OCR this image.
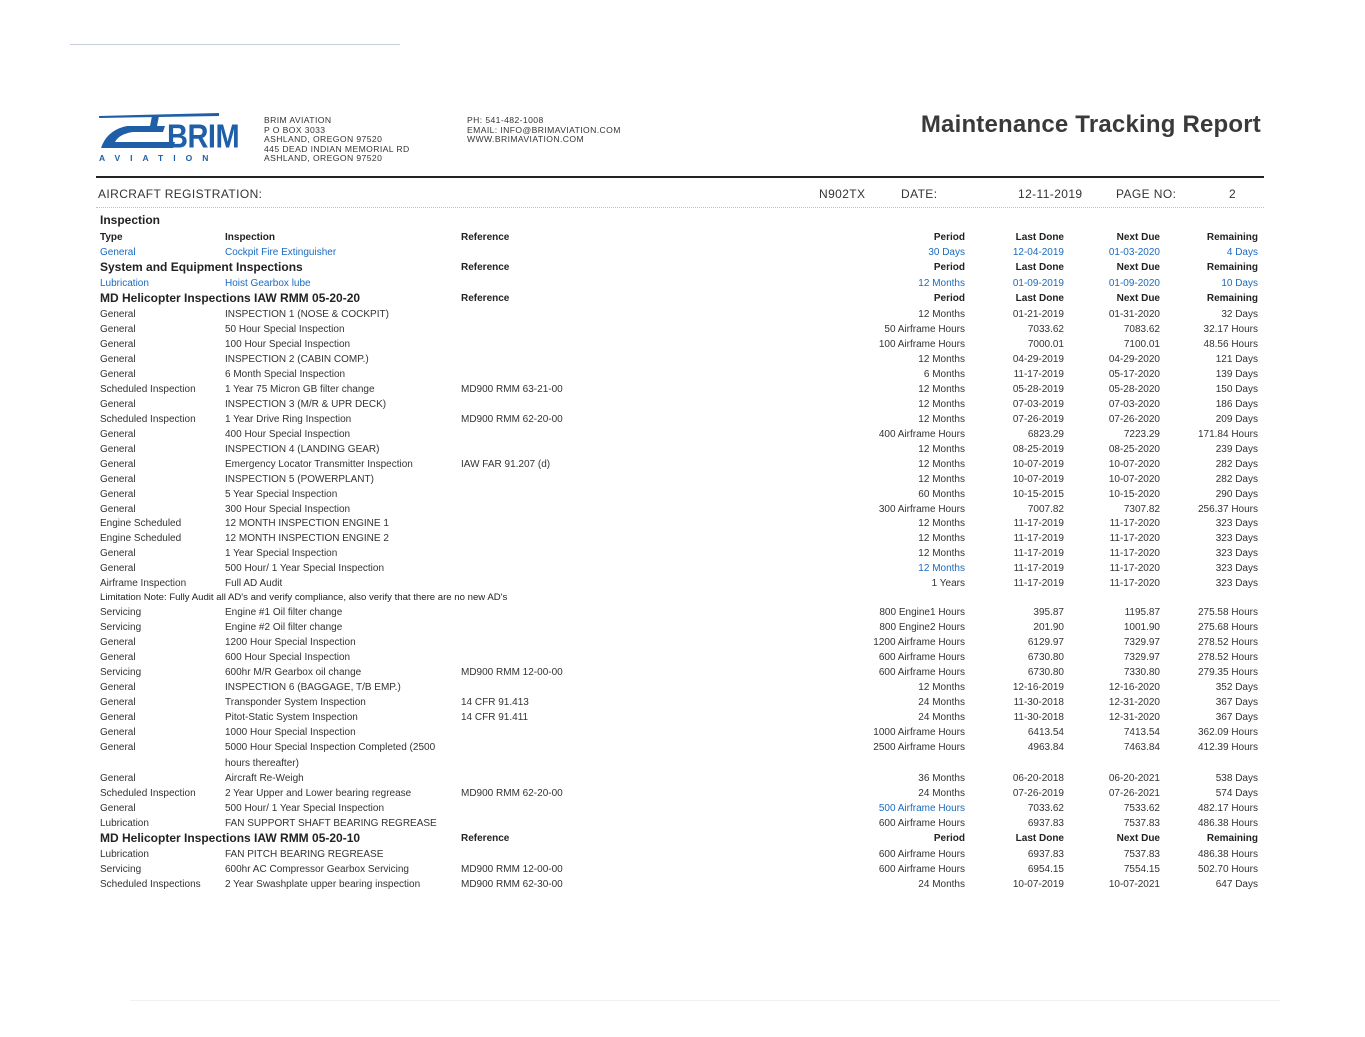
BRIM
AVIATION
BRIM AVIATION
P O BOX 3033
ASHLAND, OREGON 97520
445 DEAD INDIAN MEMORIAL RD
ASHLAND, OREGON 97520
PH: 541-482-1008
EMAIL: INFO@BRIMAVIATION.COM
WWW.BRIMAVIATION.COM
Maintenance Tracking Report
AIRCRAFT REGISTRATION:	N902TX	DATE:	12-11-2019	PAGE NO:	2
Inspection
Type	Inspection	Reference	Period	Last Done	Next Due	Remaining
General	Cockpit Fire Extinguisher	30 Days	12-04-2019	01-03-2020	4 Days
System and Equipment Inspections	Reference	Period	Last Done	Next Due	Remaining
Lubrication	Hoist Gearbox lube	12 Months	01-09-2019	01-09-2020	10 Days
MD Helicopter Inspections IAW RMM 05-20-20	Reference	Period	Last Done	Next Due	Remaining
General	INSPECTION 1 (NOSE & COCKPIT)	12 Months	01-21-2019	01-31-2020	32 Days
General	50 Hour Special Inspection	50 Airframe Hours	7033.62	7083.62	32.17 Hours
General	100 Hour Special Inspection	100 Airframe Hours	7000.01	7100.01	48.56 Hours
General	INSPECTION 2 (CABIN COMP.)	12 Months	04-29-2019	04-29-2020	121 Days
General	6 Month Special Inspection	6 Months	11-17-2019	05-17-2020	139 Days
Scheduled Inspection	1 Year 75 Micron GB filter change	MD900 RMM 63-21-00	12 Months	05-28-2019	05-28-2020	150 Days
General	INSPECTION 3 (M/R & UPR DECK)	12 Months	07-03-2019	07-03-2020	186 Days
Scheduled Inspection	1 Year Drive Ring Inspection	MD900 RMM 62-20-00	12 Months	07-26-2019	07-26-2020	209 Days
General	400 Hour Special Inspection	400 Airframe Hours	6823.29	7223.29	171.84 Hours
General	INSPECTION 4 (LANDING GEAR)	12 Months	08-25-2019	08-25-2020	239 Days
General	Emergency Locator Transmitter Inspection	IAW FAR 91.207 (d)	12 Months	10-07-2019	10-07-2020	282 Days
General	INSPECTION 5 (POWERPLANT)	12 Months	10-07-2019	10-07-2020	282 Days
General	5 Year Special Inspection	60 Months	10-15-2015	10-15-2020	290 Days
General	300 Hour Special Inspection	300 Airframe Hours	7007.82	7307.82	256.37 Hours
Engine Scheduled	12 MONTH INSPECTION ENGINE 1	12 Months	11-17-2019	11-17-2020	323 Days
Engine Scheduled	12 MONTH INSPECTION ENGINE 2	12 Months	11-17-2019	11-17-2020	323 Days
General	1 Year Special Inspection	12 Months	11-17-2019	11-17-2020	323 Days
General	500 Hour/ 1 Year Special Inspection	12 Months	11-17-2019	11-17-2020	323 Days
Airframe Inspection	Full AD Audit	1 Years	11-17-2019	11-17-2020	323 Days
Limitation Note: Fully Audit all AD's and verify compliance, also verify that there are no new AD's
Servicing	Engine #1 Oil filter change	800 Engine1 Hours	395.87	1195.87	275.58 Hours
Servicing	Engine #2 Oil filter change	800 Engine2 Hours	201.90	1001.90	275.68 Hours
General	1200 Hour Special Inspection	1200 Airframe Hours	6129.97	7329.97	278.52 Hours
General	600 Hour Special Inspection	600 Airframe Hours	6730.80	7329.97	278.52 Hours
Servicing	600hr M/R Gearbox oil change	MD900 RMM 12-00-00	600 Airframe Hours	6730.80	7330.80	279.35 Hours
General	INSPECTION 6 (BAGGAGE, T/B EMP.)	12 Months	12-16-2019	12-16-2020	352 Days
General	Transponder System Inspection	14 CFR 91.413	24 Months	11-30-2018	12-31-2020	367 Days
General	Pitot-Static System Inspection	14 CFR 91.411	24 Months	11-30-2018	12-31-2020	367 Days
General	1000 Hour Special Inspection	1000 Airframe Hours	6413.54	7413.54	362.09 Hours
General	5000 Hour Special Inspection Completed (2500	2500 Airframe Hours	4963.84	7463.84	412.39 Hours
hours thereafter)
General	Aircraft Re-Weigh	36 Months	06-20-2018	06-20-2021	538 Days
Scheduled Inspection	2 Year Upper and Lower bearing regrease	MD900 RMM 62-20-00	24 Months	07-26-2019	07-26-2021	574 Days
General	500 Hour/ 1 Year Special Inspection	500 Airframe Hours	7033.62	7533.62	482.17 Hours
Lubrication	FAN SUPPORT SHAFT BEARING REGREASE	600 Airframe Hours	6937.83	7537.83	486.38 Hours
MD Helicopter Inspections IAW RMM 05-20-10	Reference	Period	Last Done	Next Due	Remaining
Lubrication	FAN PITCH BEARING REGREASE	600 Airframe Hours	6937.83	7537.83	486.38 Hours
Servicing	600hr AC Compressor Gearbox Servicing	MD900 RMM 12-00-00	600 Airframe Hours	6954.15	7554.15	502.70 Hours
Scheduled Inspections 2 Year Swashplate upper bearing inspection	MD900 RMM 62-30-00	24 Months	10-07-2019	10-07-2021	647 Days
